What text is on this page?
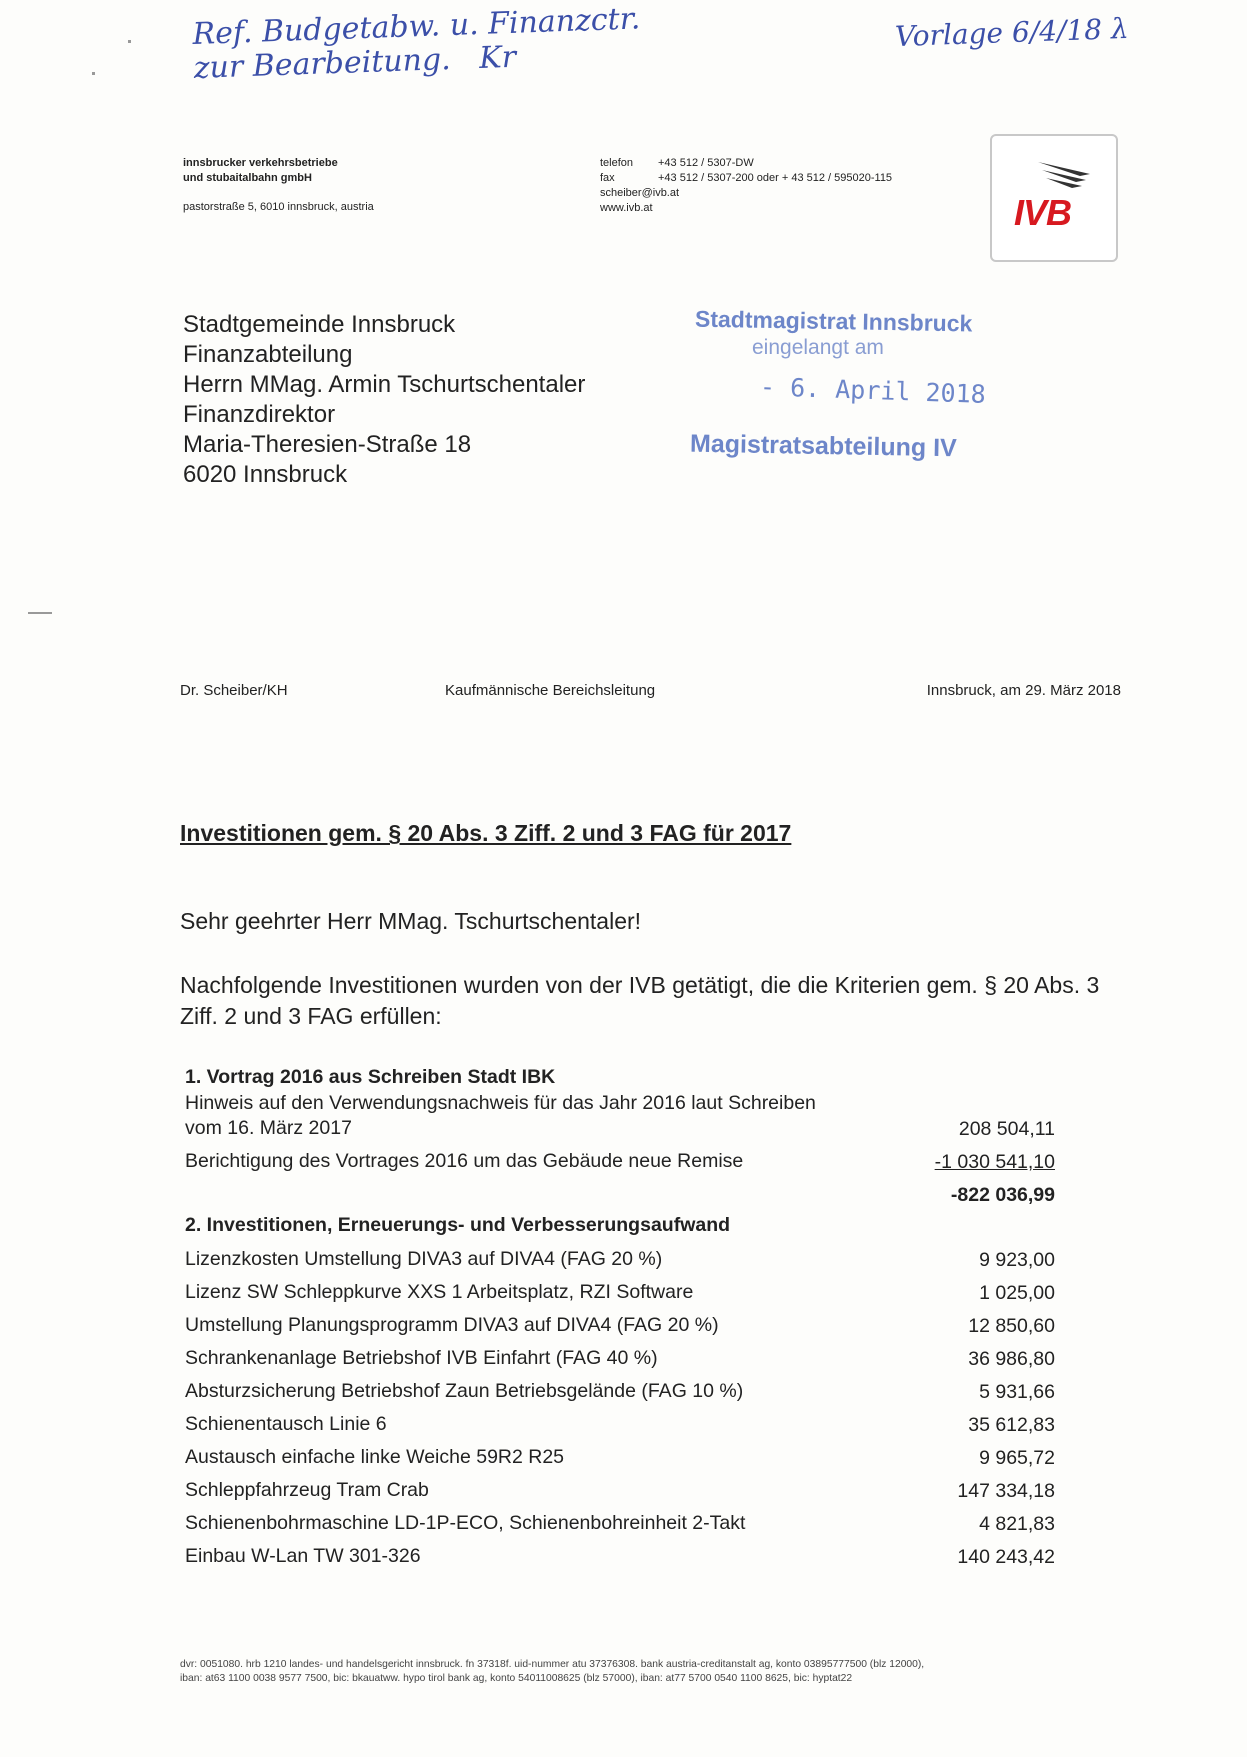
Ref. Budgetabw. u. Finanzctr.
zur Bearbeitung.   Kr
Vorlage 6/4/18 λ
innsbrucker verkehrsbetriebe
und stubaitalbahn gmbH
pastorstraße 5, 6010 innsbruck, austria
telefon	+43 512 / 5307-DW
fax	+43 512 / 5307-200 oder + 43 512 / 595020-115
scheiber@ivb.at
www.ivb.at	IVB
Stadtgemeinde Innsbruck
Finanzabteilung
Herrn MMag. Armin Tschurtschentaler
Finanzdirektor
Maria-Theresien-Straße 18
6020 Innsbruck
Stadtmagistrat Innsbruck
eingelangt am
- 6. April 2018
Magistratsabteilung IV
Dr. Scheiber/KH	Kaufmännische Bereichsleitung	Innsbruck, am 29. März 2018
Investitionen gem. § 20 Abs. 3 Ziff. 2 und 3 FAG für 2017
Sehr geehrter Herr MMag. Tschurtschentaler!
Nachfolgende Investitionen wurden von der IVB getätigt, die die Kriterien gem. § 20 Abs. 3 Ziff. 2 und 3 FAG erfüllen:
1. Vortrag 2016 aus Schreiben Stadt IBK
Hinweis auf den Verwendungsnachweis für das Jahr 2016 laut Schreiben vom 16. März 2017	208 504,11
Berichtigung des Vortrages 2016 um das Gebäude neue Remise	-1 030 541,10
-822 036,99
2. Investitionen, Erneuerungs- und Verbesserungsaufwand
Lizenzkosten Umstellung DIVA3 auf DIVA4 (FAG 20 %)	9 923,00
Lizenz SW Schleppkurve XXS 1 Arbeitsplatz, RZI Software	1 025,00
Umstellung Planungsprogramm DIVA3 auf DIVA4 (FAG 20 %)	12 850,60
Schrankenanlage Betriebshof IVB Einfahrt (FAG 40 %)	36 986,80
Absturzsicherung Betriebshof Zaun Betriebsgelände (FAG 10 %)	5 931,66
Schienentausch Linie 6	35 612,83
Austausch einfache linke Weiche 59R2 R25	9 965,72
Schleppfahrzeug Tram Crab	147 334,18
Schienenbohrmaschine LD-1P-ECO, Schienenbohreinheit 2-Takt	4 821,83
Einbau W-Lan TW 301-326	140 243,42
dvr: 0051080. hrb 1210 landes- und handelsgericht innsbruck. fn 37318f. uid-nummer atu 37376308. bank austria-creditanstalt ag, konto 03895777500 (blz 12000),
iban: at63 1100 0038 9577 7500, bic: bkauatww. hypo tirol bank ag, konto 54011008625 (blz 57000), iban: at77 5700 0540 1100 8625, bic: hyptat22
